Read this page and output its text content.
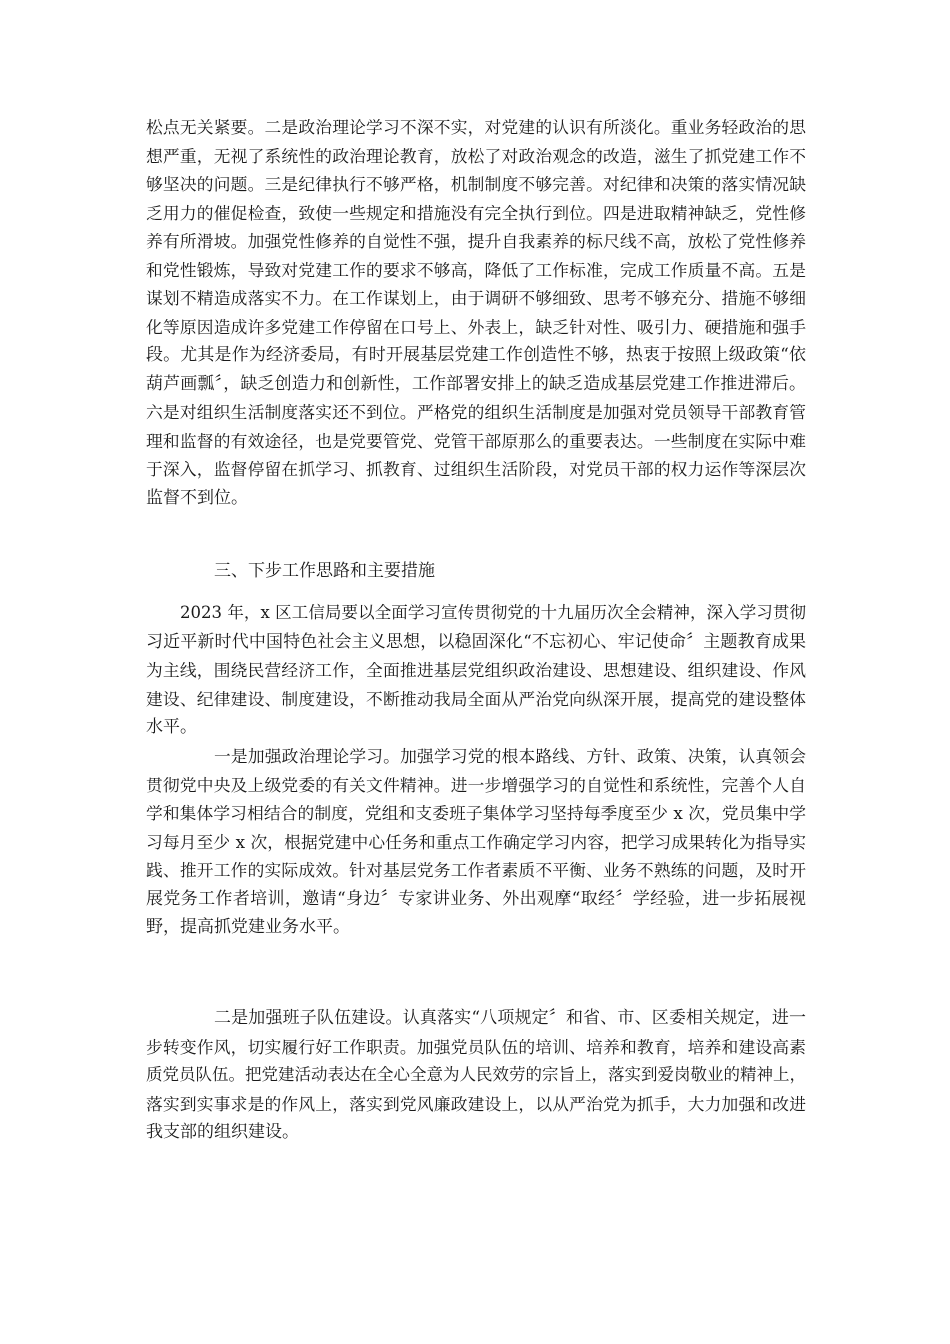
松点无关紧要。二是政治理论学习不深不实，对党建的认识有所淡化。重业务轻政治的思
想严重，无视了系统性的政治理论教育，放松了对政治观念的改造，滋生了抓党建工作不
够坚决的问题。三是纪律执行不够严格，机制制度不够完善。对纪律和决策的落实情况缺
乏用力的催促检查，致使一些规定和措施没有完全执行到位。四是进取精神缺乏，党性修
养有所滑坡。加强党性修养的自觉性不强，提升自我素养的标尺线不高，放松了党性修养
和党性锻炼，导致对党建工作的要求不够高，降低了工作标准，完成工作质量不高。五是
谋划不精造成落实不力。在工作谋划上，由于调研不够细致、思考不够充分、措施不够细
化等原因造成许多党建工作停留在口号上、外表上，缺乏针对性、吸引力、硬措施和强手
段。尤其是作为经济委局，有时开展基层党建工作创造性不够，热衷于按照上级政策“依
葫芦画瓢〞，缺乏创造力和创新性，工作部署安排上的缺乏造成基层党建工作推进滞后。
六是对组织生活制度落实还不到位。严格党的组织生活制度是加强对党员领导干部教育管
理和监督的有效途径，也是党要管党、党管干部原那么的重要表达。一些制度在实际中难
于深入，监督停留在抓学习、抓教育、过组织生活阶段，对党员干部的权力运作等深层次
监督不到位。
三、下步工作思路和主要措施
2023 年，x 区工信局要以全面学习宣传贯彻党的十九届历次全会精神，深入学习贯彻
习近平新时代中国特色社会主义思想，以稳固深化“不忘初心、牢记使命〞主题教育成果
为主线，围绕民营经济工作，全面推进基层党组织政治建设、思想建设、组织建设、作风
建设、纪律建设、制度建设，不断推动我局全面从严治党向纵深开展，提高党的建设整体
水平。
一是加强政治理论学习。加强学习党的根本路线、方针、政策、决策，认真领会
贯彻党中央及上级党委的有关文件精神。进一步增强学习的自觉性和系统性，完善个人自
学和集体学习相结合的制度，党组和支委班子集体学习坚持每季度至少 x 次，党员集中学
习每月至少 x 次，根据党建中心任务和重点工作确定学习内容，把学习成果转化为指导实
践、推开工作的实际成效。针对基层党务工作者素质不平衡、业务不熟练的问题，及时开
展党务工作者培训，邀请“身边〞专家讲业务、外出观摩“取经〞学经验，进一步拓展视
野，提高抓党建业务水平。
二是加强班子队伍建设。认真落实“八项规定〞和省、市、区委相关规定，进一
步转变作风，切实履行好工作职责。加强党员队伍的培训、培养和教育，培养和建设高素
质党员队伍。把党建活动表达在全心全意为人民效劳的宗旨上，落实到爱岗敬业的精神上，
落实到实事求是的作风上，落实到党风廉政建设上，以从严治党为抓手，大力加强和改进
我支部的组织建设。
